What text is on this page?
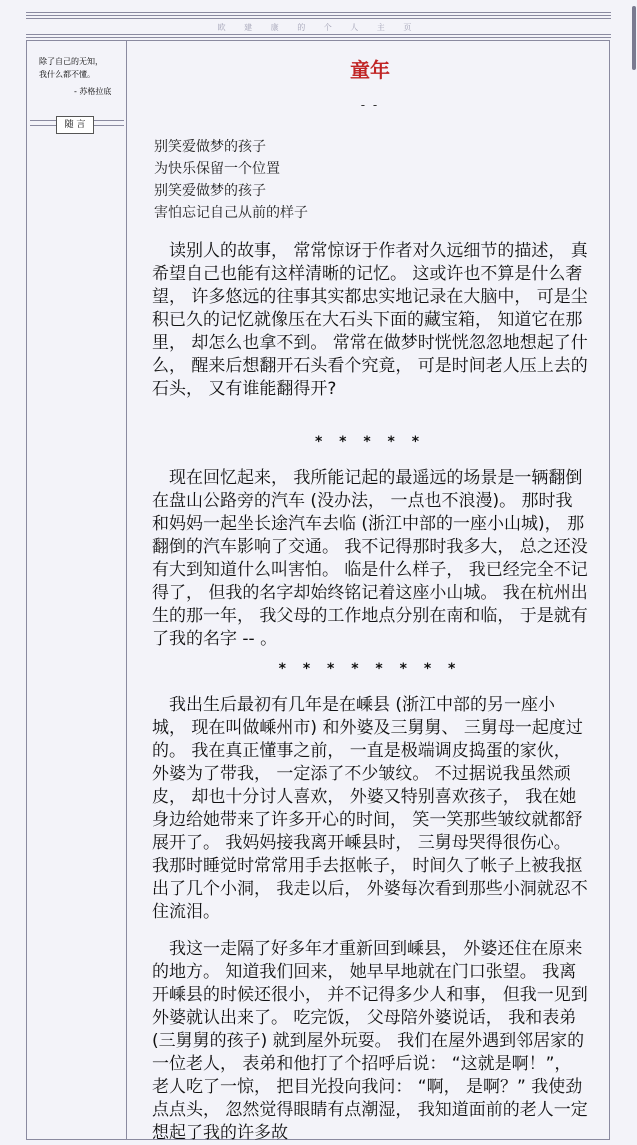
欧 建 康 的 个 人 主 页
除了自己的无知，
我什么都不懂。
- 苏格拉底
随 言
童年
- -
别笑爱做梦的孩子
为快乐保留一个位置
别笑爱做梦的孩子
害怕忘记自己从前的样子
读别人的故事， 常常惊讶于作者对久远细节的描述， 真希望自己也能有这样清晰的记忆。 这或许也不算是什么奢望， 许多悠远的往事其实都忠实地记录在大脑中， 可是尘积已久的记忆就像压在大石头下面的藏宝箱， 知道它在那里， 却怎么也拿不到。 常常在做梦时恍恍忽忽地想起了什么， 醒来后想翻开石头看个究竟， 可是时间老人压上去的石头， 又有谁能翻得开?
* * * * *
现在回忆起来， 我所能记起的最遥远的场景是一辆翻倒在盘山公路旁的汽车 (没办法， 一点也不浪漫)。 那时我和妈妈一起坐长途汽车去临 (浙江中部的一座小山城)， 那翻倒的汽车影响了交通。 我不记得那时我多大， 总之还没有大到知道什么叫害怕。 临是什么样子， 我已经完全不记得了， 但我的名字却始终铭记着这座小山城。 我在杭州出生的那一年， 我父母的工作地点分别在南和临， 于是就有了我的名字 -- 。
* * * * * * * *
我出生后最初有几年是在嵊县 (浙江中部的另一座小城， 现在叫做嵊州市) 和外婆及三舅舅、 三舅母一起度过的。 我在真正懂事之前， 一直是极端调皮捣蛋的家伙， 外婆为了带我， 一定添了不少皱纹。 不过据说我虽然顽皮， 却也十分讨人喜欢， 外婆又特别喜欢孩子， 我在她身边给她带来了许多开心的时间， 笑一笑那些皱纹就都舒展开了。 我妈妈接我离开嵊县时， 三舅母哭得很伤心。 我那时睡觉时常常用手去抠帐子， 时间久了帐子上被我抠出了几个小洞， 我走以后， 外婆每次看到那些小洞就忍不住流泪。
我这一走隔了好多年才重新回到嵊县， 外婆还住在原来的地方。 知道我们回来， 她早早地就在门口张望。 我离开嵊县的时候还很小， 并不记得多少人和事， 但我一见到外婆就认出来了。 吃完饭， 父母陪外婆说话， 我和表弟 (三舅舅的孩子) 就到屋外玩耍。 我们在屋外遇到邻居家的一位老人， 表弟和他打了个招呼后说： “这就是啊！”， 老人吃了一惊， 把目光投向我问： “啊， 是啊？” 我使劲点点头， 忽然觉得眼睛有点潮湿， 我知道面前的老人一定想起了我的许多故
